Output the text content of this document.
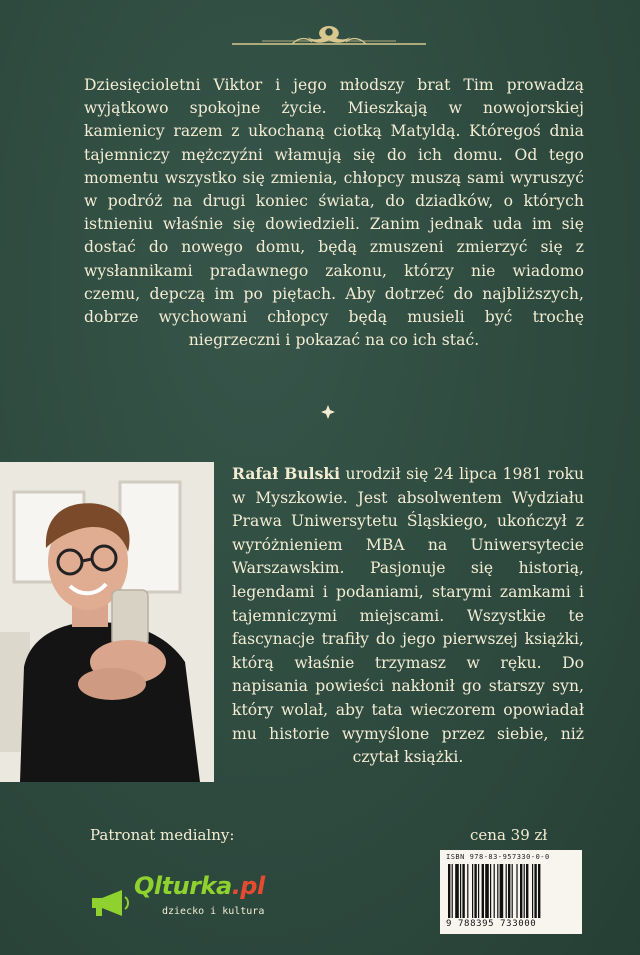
Dziesięcioletni Viktor i jego młodszy brat Tim prowadzą wyjątkowo spokojne życie. Mieszkają w nowojorskiej kamienicy razem z ukochaną ciotką Matyldą. Któregoś dnia tajemniczy mężczyźni włamują się do ich domu. Od tego momentu wszystko się zmienia, chłopcy muszą sami wyruszyć w podróż na drugi koniec świata, do dziadków, o których istnieniu właśnie się dowiedzieli. Zanim jednak uda im się dostać do nowego domu, będą zmuszeni zmierzyć się z wysłannikami pradawnego zakonu, którzy nie wiadomo czemu, depczą im po piętach. Aby dotrzeć do najbliższych, dobrze wychowani chłopcy będą musieli być trochę niegrzeczni i pokazać na co ich stać.

Rafał Bulski urodził się 24 lipca 1981 roku w Myszkowie. Jest absolwentem Wydziału Prawa Uniwersytetu Śląskiego, ukończył z wyróżnieniem MBA na Uniwersytecie Warszawskim. Pasjonuje się historią, legendami i podaniami, starymi zamkami i tajemniczymi miejscami. Wszystkie te fascynacje trafiły do jego pierwszej książki, którą właśnie trzymasz w ręku. Do napisania powieści nakłonił go starszy syn, który wolał, aby tata wieczorem opowiadał mu historie wymyślone przez siebie, niż czytał książki.

Patronat medialny:	cena 39 zł
Qlturka.pl
dziecko i kultura
ISBN 978-83-957330-0-0
9 788395 733000
